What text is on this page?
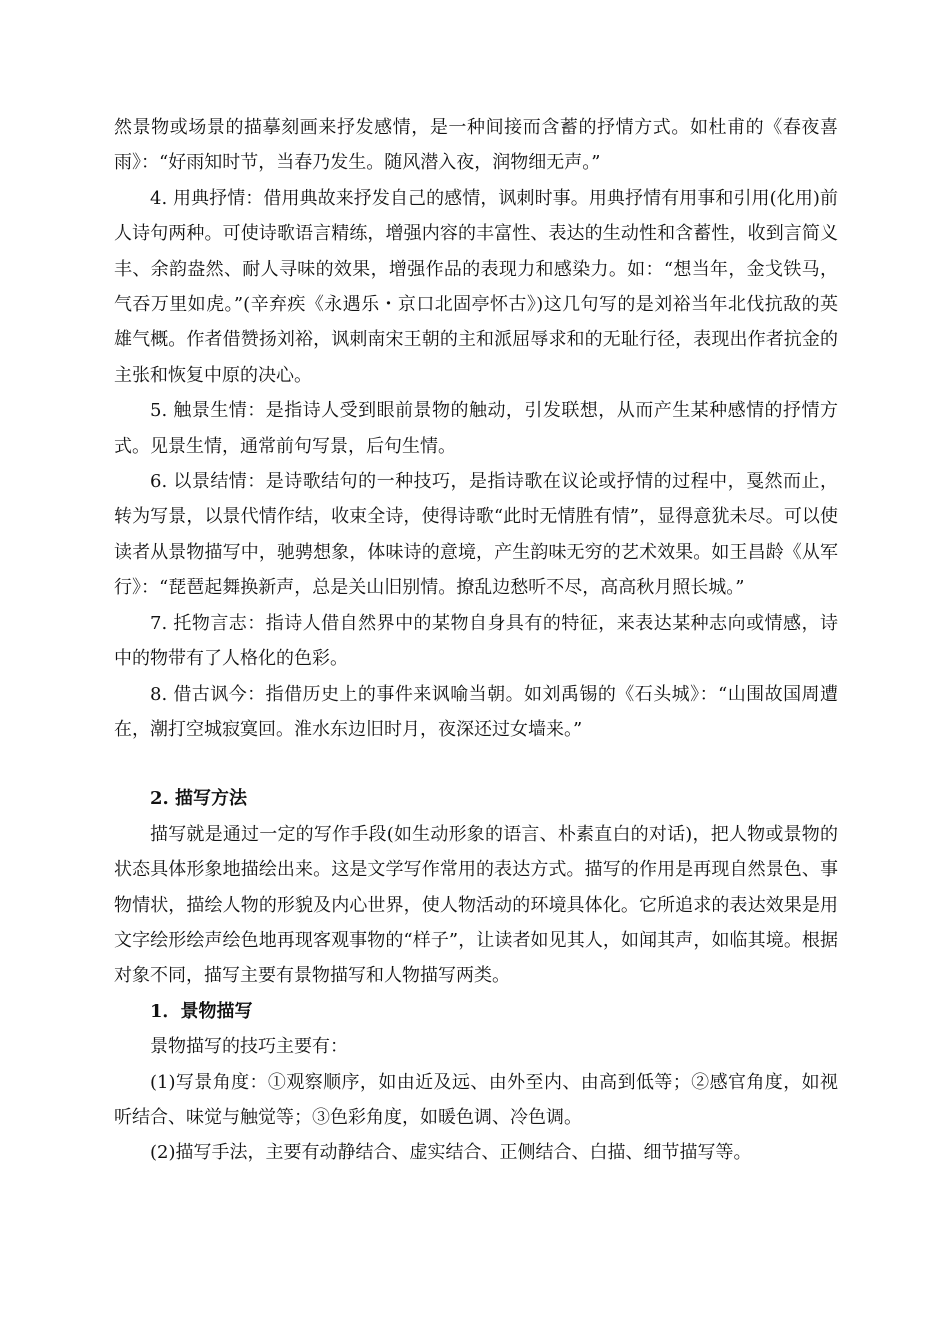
然景物或场景的描摹刻画来抒发感情，是一种间接而含蓄的抒情方式。如杜甫的《春夜喜雨》：“好雨知时节，当春乃发生。随风潜入夜，润物细无声。”

4. 用典抒情：借用典故来抒发自己的感情，讽刺时事。用典抒情有用事和引用(化用)前人诗句两种。可使诗歌语言精练，增强内容的丰富性、表达的生动性和含蓄性，收到言简义丰、余韵盎然、耐人寻味的效果，增强作品的表现力和感染力。如：“想当年，金戈铁马，气吞万里如虎。”(辛弃疾《永遇乐・京口北固亭怀古》)这几句写的是刘裕当年北伐抗敌的英雄气概。作者借赞扬刘裕，讽刺南宋王朝的主和派屈辱求和的无耻行径，表现出作者抗金的主张和恢复中原的决心。

5. 触景生情：是指诗人受到眼前景物的触动，引发联想，从而产生某种感情的抒情方式。见景生情，通常前句写景，后句生情。

6. 以景结情：是诗歌结句的一种技巧，是指诗歌在议论或抒情的过程中，戛然而止，转为写景，以景代情作结，收束全诗，使得诗歌“此时无情胜有情”，显得意犹未尽。可以使读者从景物描写中，驰骋想象，体味诗的意境，产生韵味无穷的艺术效果。如王昌龄《从军行》：“琵琶起舞换新声，总是关山旧别情。撩乱边愁听不尽，高高秋月照长城。”

7. 托物言志：指诗人借自然界中的某物自身具有的特征，来表达某种志向或情感，诗中的物带有了人格化的色彩。

8. 借古讽今：指借历史上的事件来讽喻当朝。如刘禹锡的《石头城》：“山围故国周遭在，潮打空城寂寞回。淮水东边旧时月，夜深还过女墙来。”

2. 描写方法

描写就是通过一定的写作手段(如生动形象的语言、朴素直白的对话)，把人物或景物的状态具体形象地描绘出来。这是文学写作常用的表达方式。描写的作用是再现自然景色、事物情状，描绘人物的形貌及内心世界，使人物活动的环境具体化。它所追求的表达效果是用文字绘形绘声绘色地再现客观事物的“样子”，让读者如见其人，如闻其声，如临其境。根据对象不同，描写主要有景物描写和人物描写两类。

1．景物描写

景物描写的技巧主要有：

(1)写景角度：①观察顺序，如由近及远、由外至内、由高到低等；②感官角度，如视听结合、味觉与触觉等；③色彩角度，如暖色调、冷色调。

(2)描写手法，主要有动静结合、虚实结合、正侧结合、白描、细节描写等。
